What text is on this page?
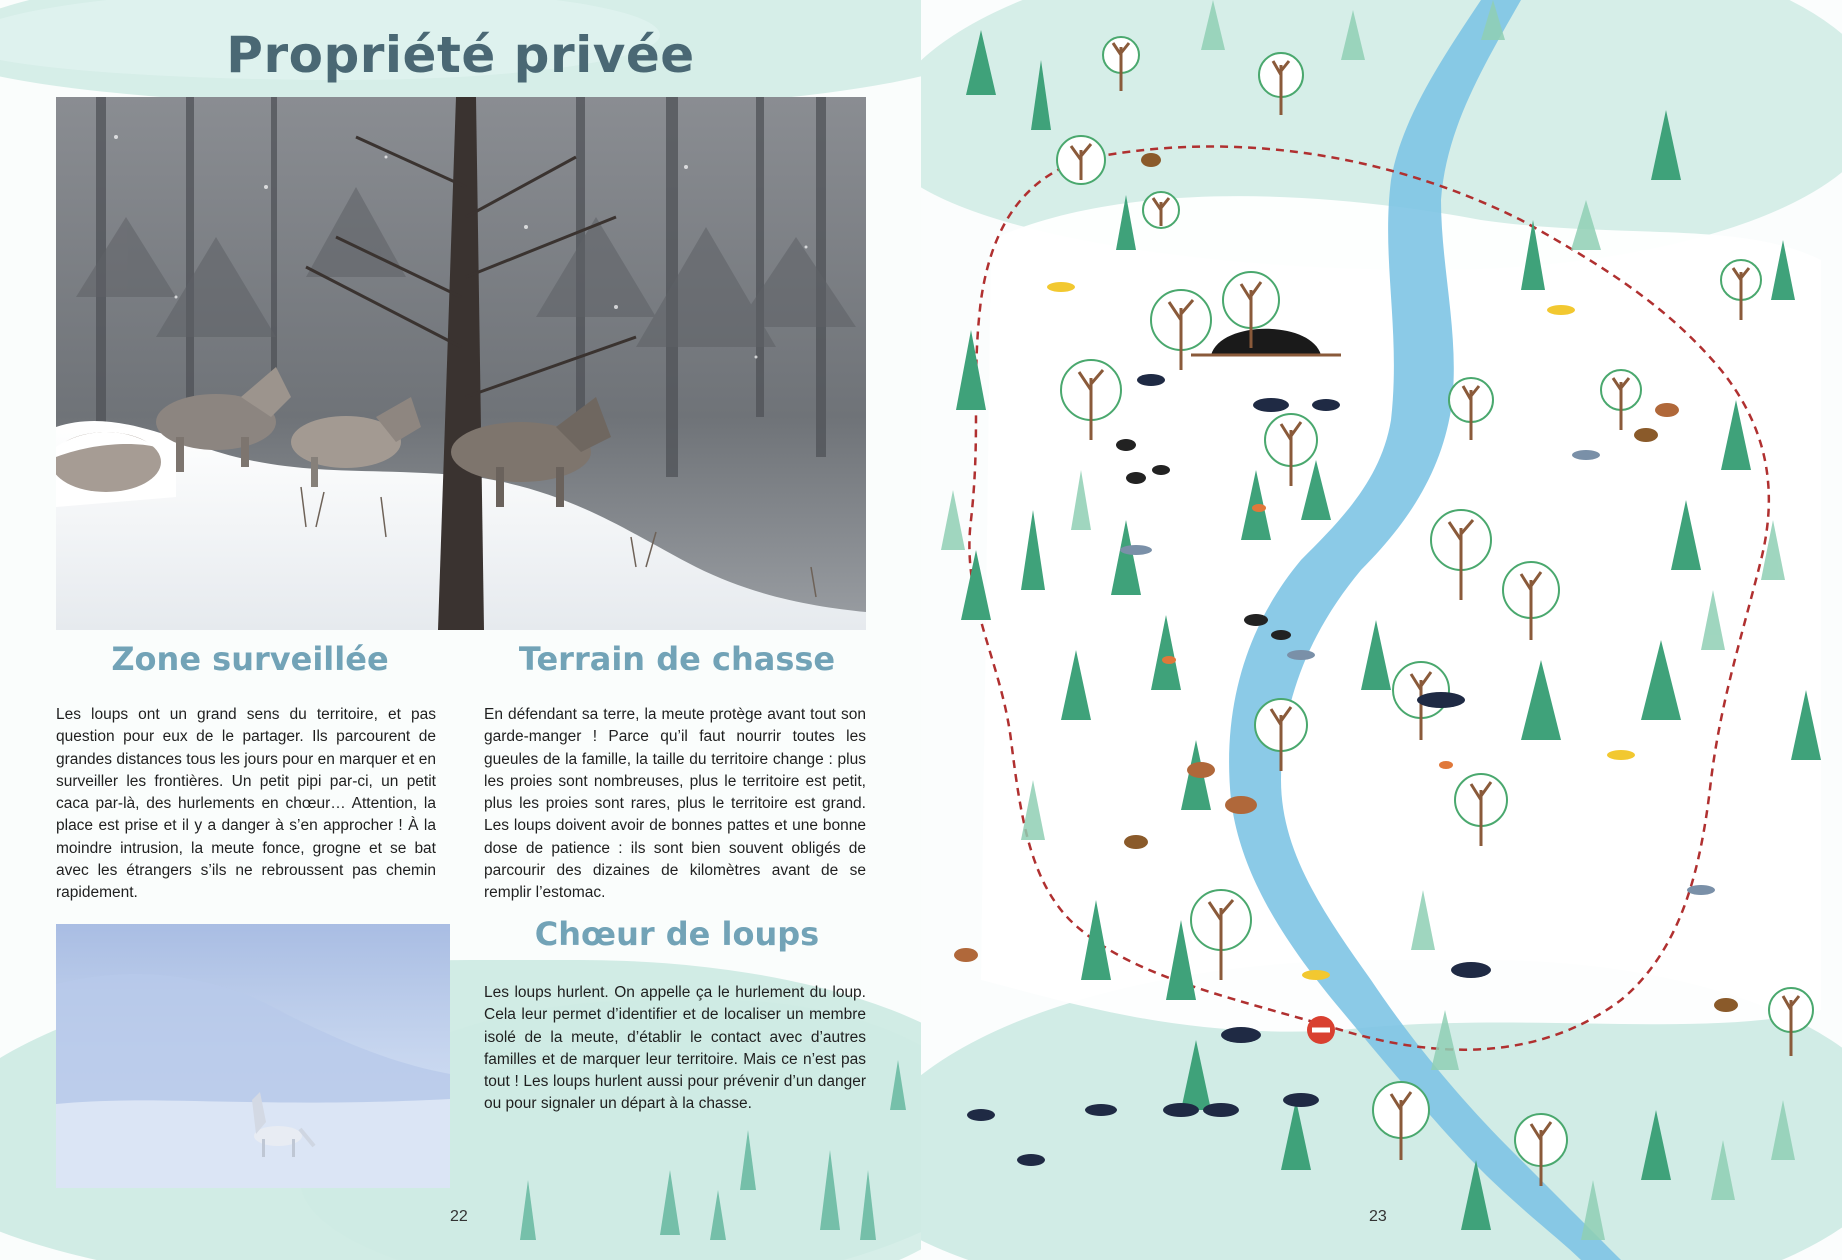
Propriété privée
Zone surveillée	Terrain de chasse

Les loups ont un grand sens du territoire, et pas question pour eux de le partager. Ils parcourent de grandes distances tous les jours pour en marquer et en surveiller les frontières. Un petit pipi par-ci, un petit caca par-là, des hurlements en chœur… Attention, la place est prise et il y a danger à s’en approcher ! À la moindre intrusion, la meute fonce, grogne et se bat avec les étrangers s’ils ne rebroussent pas chemin rapidement.

En défendant sa terre, la meute protège avant tout son garde-manger ! Parce qu’il faut nourrir toutes les gueules de la famille, la taille du territoire change : plus les proies sont nombreuses, plus le territoire est petit, plus les proies sont rares, plus le territoire est grand. Les loups doivent avoir de bonnes pattes et une bonne dose de patience : ils sont bien souvent obligés de parcourir des dizaines de kilomètres avant de se remplir l’estomac.

Chœur de loups

Les loups hurlent. On appelle ça le hurlement du loup. Cela leur permet d’identifier et de localiser un membre isolé de la meute, d’établir le contact avec d’autres familles et de marquer leur territoire. Mais ce n’est pas tout ! Les loups hurlent aussi pour prévenir d’un danger ou pour signaler un départ à la chasse.

22	23
